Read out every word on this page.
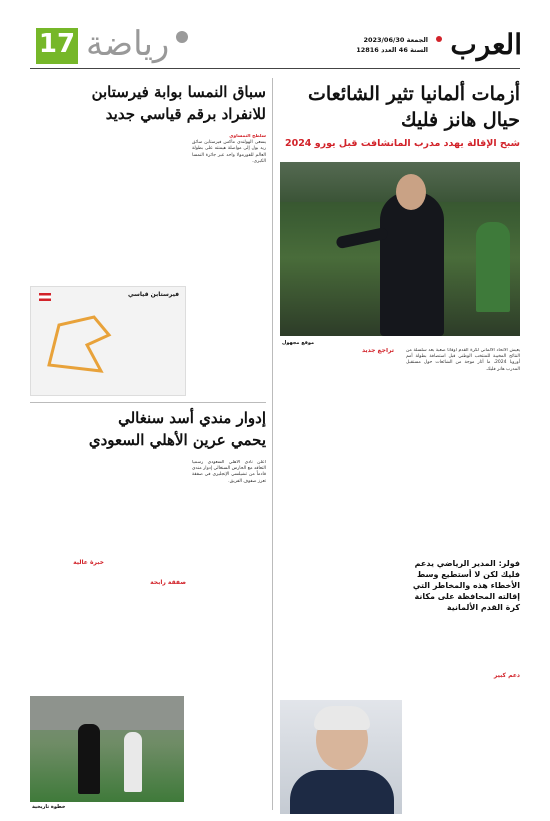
العرب
الجمعة 2023/06/30
السنة 46 العدد 12816
رياضة
17
أزمات ألمانيا تثير الشائعات
حيال هانز فليك
شبح الإقالة يهدد مدرب المانشافت قبل يورو 2024
موقع مجهول

يعيش الاتحاد الألماني لكرة القدم أوقاتاً صعبة بعد سلسلة من النتائج المخيبة للمنتخب الوطني قبل استضافة بطولة أمم أوروبا 2024، ما أثار موجة من الشائعات حول مستقبل المدرب هانز فليك.

تراجع جديد
فولر: المدير الرياضي يدعم فليك لكن لا أستطيع وسط الأخطاء هذه والمخاطر التي إقالته المحافظة على مكانة كرة القدم الألمانية
دعم كبير
سباق النمسا بوابة فيرستابن
للانفراد برقم قياسي جديد
سلطح النمساوي

يسعى الهولندي ماكس فيرستابن سائق ريد بول إلى مواصلة هيمنته على بطولة العالم للفورمولا واحد عبر جائزة النمسا الكبرى.

فيرستابن قياسي
إدوار مندي أسد سنغالي
يحمي عرين الأهلي السعودي

أعلن نادي الأهلي السعودي رسمياً التعاقد مع الحارس السنغالي إدوار مندي قادماً من تشيلسي الإنجليزي في صفقة تعزز صفوف الفريق.

صفقة رابحة
خبرة عالية
خطوة تاريخية
